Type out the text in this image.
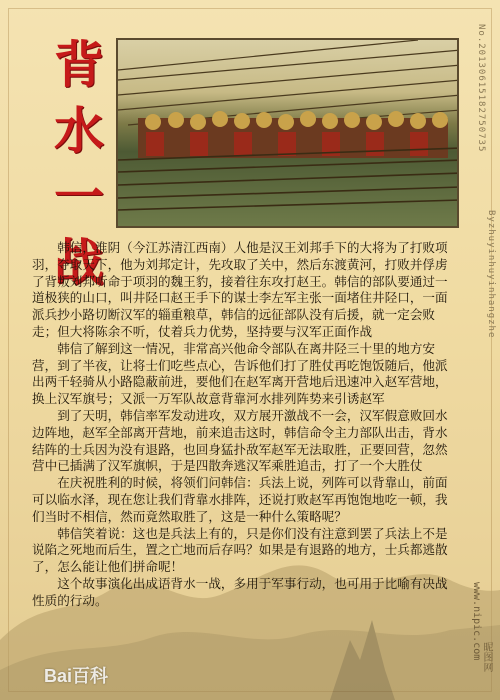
背
水
一
战
No.20130615182750735

韩信，淮阴（今江苏清江西南）人他是汉王刘邦手下的大将为了打败项羽，夺取天下，他为刘邦定计，先攻取了关中，然后东渡黄河，打败并俘虏了背叛刘邦听命于项羽的魏王豹，接着往东攻打赵王。韩信的部队要通过一道极狭的山口，叫井陉口赵王手下的谋士李左军主张一面堵住井陉口，一面派兵抄小路切断汉军的辎重粮草，韩信的远征部队没有后援，就一定会败走；但大将陈余不听，仗着兵力优势，坚持要与汉军正面作战

韩信了解到这一情况，非常高兴他命令部队在离井陉三十里的地方安营，到了半夜，让将士们吃些点心，告诉他们打了胜仗再吃饱饭随后，他派出两千轻骑从小路隐蔽前进，要他们在赵军离开营地后迅速冲入赵军营地，换上汉军旗号；又派一万军队故意背靠河水排列阵势来引诱赵军

到了天明，韩信率军发动进攻，双方展开激战不一会，汉军假意败回水边阵地，赵军全部离开营地，前来追击这时，韩信命令主力部队出击，背水结阵的士兵因为没有退路，也回身猛扑敌军赵军无法取胜，正要回营，忽然营中已插满了汉军旗帜，于是四散奔逃汉军乘胜追击，打了一个大胜仗

在庆祝胜利的时候，将领们问韩信：兵法上说，列阵可以背靠山，前面可以临水泽，现在您让我们背靠水排阵，还说打败赵军再饱饱地吃一顿，我们当时不相信，然而竟然取胜了，这是一种什么策略呢？

韩信笑着说：这也是兵法上有的，只是你们没有注意到罢了兵法上不是说陷之死地而后生，置之亡地而后存吗？如果是有退路的地方，士兵都逃散了，怎么能让他们拼命呢！

这个故事演化出成语背水一战，多用于军事行动，也可用于比喻有决战性质的行动。

Byzhuyinhuyinhangzhe
www.nipic.com 昵图网
Bai百科
